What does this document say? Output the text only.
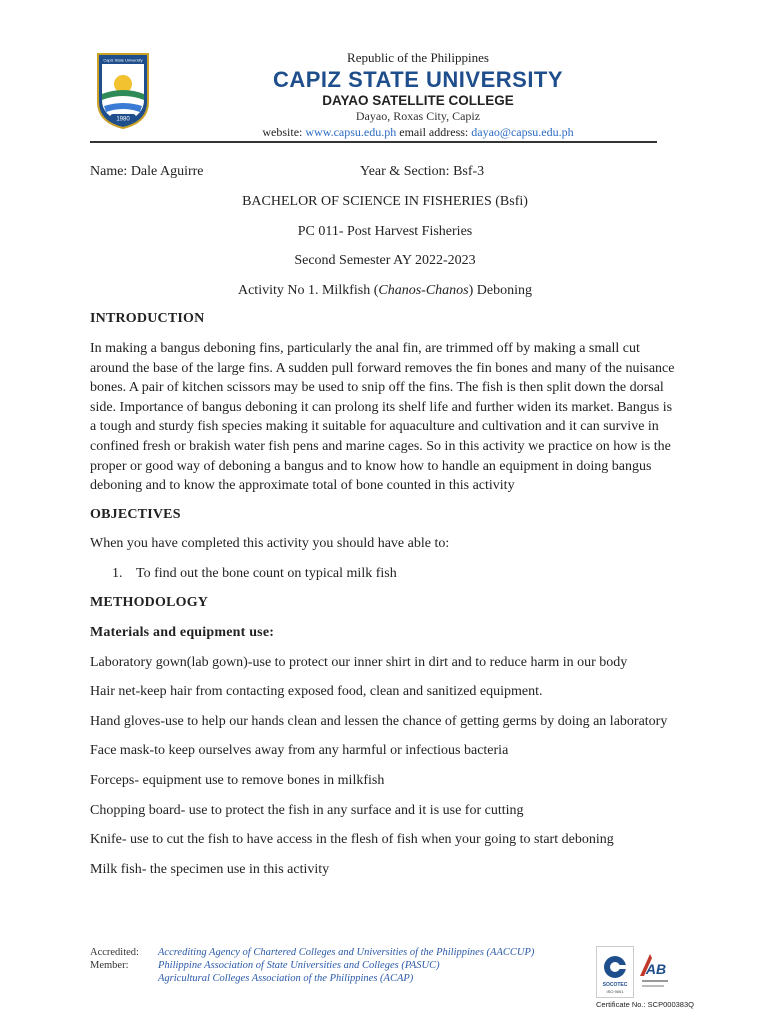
Capiz State University
1980
Republic of the Philippines
CAPIZ STATE UNIVERSITY
DAYAO SATELLITE COLLEGE
Dayao, Roxas City, Capiz
website: www.capsu.edu.ph email address: dayao@capsu.edu.ph
Name: Dale Aguirre	Year & Section: Bsf-3

BACHELOR OF SCIENCE IN FISHERIES (Bsfi)

PC 011- Post Harvest Fisheries

Second Semester AY 2022-2023

Activity No 1. Milkfish (Chanos-Chanos) Deboning

INTRODUCTION

In making a bangus deboning fins, particularly the anal fin, are trimmed off by making a small cut around the base of the large fins. A sudden pull forward removes the fin bones and many of the nuisance bones. A pair of kitchen scissors may be used to snip off the fins. The fish is then split down the dorsal side. Importance of bangus deboning it can prolong its shelf life and further widen its market. Bangus is a tough and sturdy fish species making it suitable for aquaculture and cultivation and it can survive in confined fresh or brakish water fish pens and marine cages. So in this activity we practice on how is the proper or good way of deboning a bangus and to know how to handle an equipment in doing bangus deboning and to know the approximate total of bone counted in this activity

OBJECTIVES

When you have completed this activity you should have able to:

1. To find out the bone count on typical milk fish

METHODOLOGY

Materials and equipment use:

Laboratory gown(lab gown)-use to protect our inner shirt in dirt and to reduce harm in our body

Hair net-keep hair from contacting exposed food, clean and sanitized equipment.

Hand gloves-use to help our hands clean and lessen the chance of getting germs by doing an laboratory

Face mask-to keep ourselves away from any harmful or infectious bacteria

Forceps- equipment use to remove bones in milkfish

Chopping board- use to protect the fish in any surface and it is use for cutting

Knife- use to cut the fish to have access in the flesh of fish when your going to start deboning

Milk fish- the specimen use in this activity

Accredited:
Member:
Accrediting Agency of Chartered Colleges and Universities of the Philippines (AACCUP)
Philippine Association of State Universities and Colleges (PASUC)
Agricultural Colleges Association of the Philippines (ACAP)
SOCOTEC
ISO 9001
AB
Certificate No.: SCP000383Q
